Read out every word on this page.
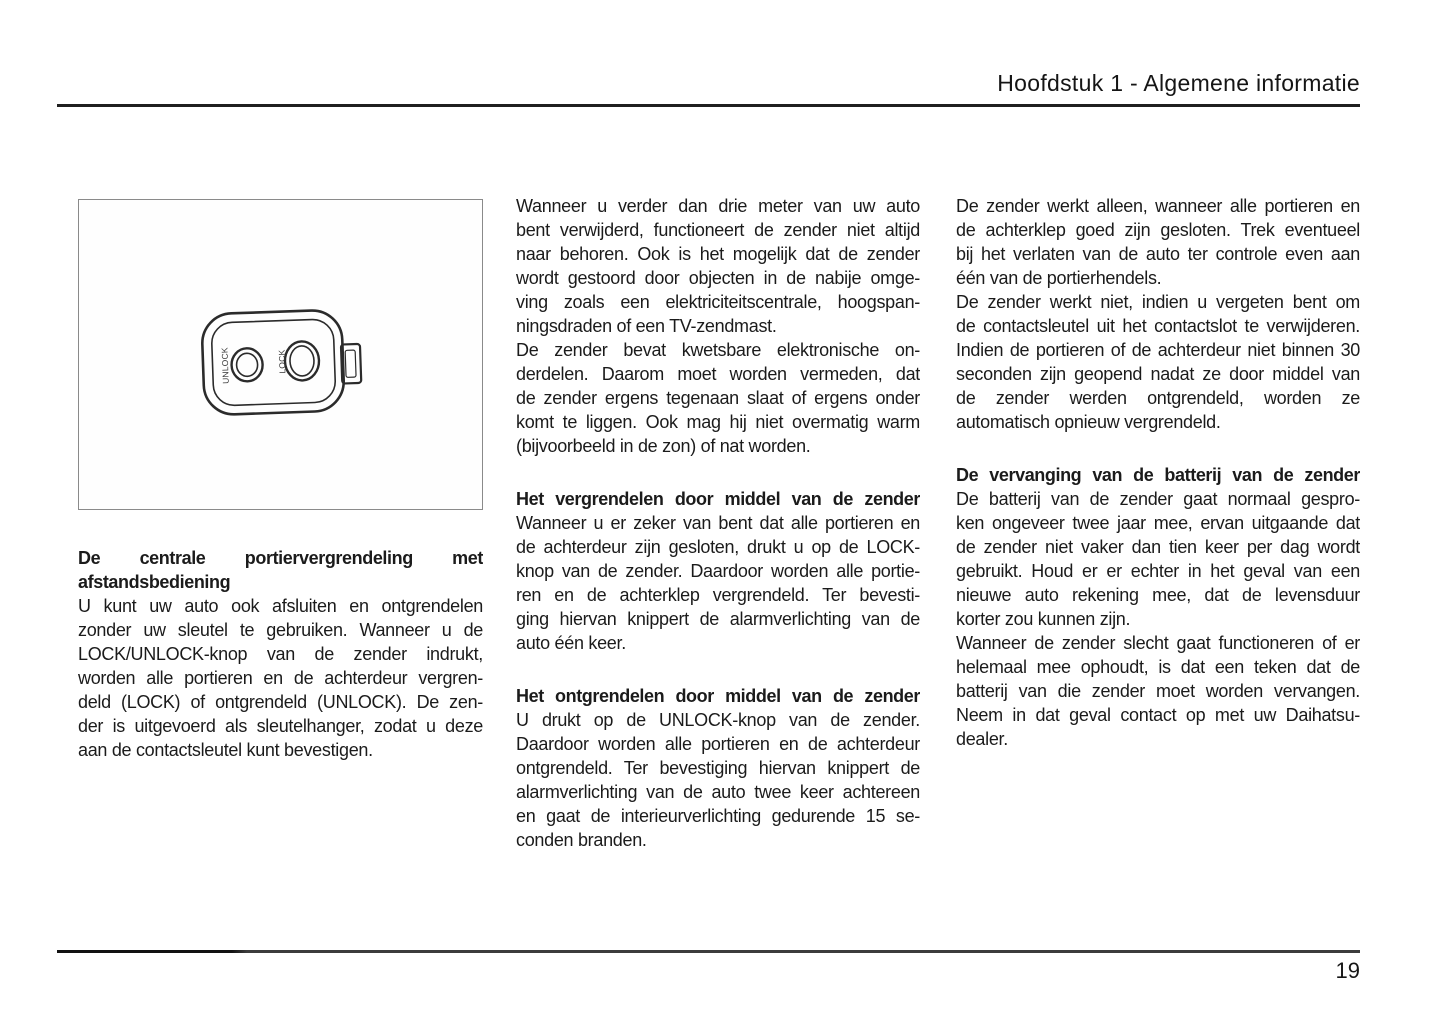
Hoofdstuk 1 - Algemene informatie
UNLOCK	LOCK
De centrale portiervergrendeling met
afstandsbediening
U kunt uw auto ook afsluiten en ontgrendelen
zonder uw sleutel te gebruiken. Wanneer u de
LOCK/UNLOCK-knop van de zender indrukt,
worden alle portieren en de achterdeur vergren-
deld (LOCK) of ontgrendeld (UNLOCK). De zen-
der is uitgevoerd als sleutelhanger, zodat u deze
aan de contactsleutel kunt bevestigen.
Wanneer u verder dan drie meter van uw auto
bent verwijderd, functioneert de zender niet altijd
naar behoren. Ook is het mogelijk dat de zender
wordt gestoord door objecten in de nabije omge-
ving zoals een elektriciteitscentrale, hoogspan-
ningsdraden of een TV-zendmast.
De zender bevat kwetsbare elektronische on-
derdelen. Daarom moet worden vermeden, dat
de zender ergens tegenaan slaat of ergens onder
komt te liggen. Ook mag hij niet overmatig warm
(bijvoorbeeld in de zon) of nat worden.
Het vergrendelen door middel van de zender
Wanneer u er zeker van bent dat alle portieren en
de achterdeur zijn gesloten, drukt u op de LOCK-
knop van de zender. Daardoor worden alle portie-
ren en de achterklep vergrendeld. Ter bevesti-
ging hiervan knippert de alarmverlichting van de
auto één keer.
Het ontgrendelen door middel van de zender
U drukt op de UNLOCK-knop van de zender.
Daardoor worden alle portieren en de achterdeur
ontgrendeld. Ter bevestiging hiervan knippert de
alarmverlichting van de auto twee keer achtereen
en gaat de interieurverlichting gedurende 15 se-
conden branden.
De zender werkt alleen, wanneer alle portieren en
de achterklep goed zijn gesloten. Trek eventueel
bij het verlaten van de auto ter controle even aan
één van de portierhendels.
De zender werkt niet, indien u vergeten bent om
de contactsleutel uit het contactslot te verwijderen.
Indien de portieren of de achterdeur niet binnen 30
seconden zijn geopend nadat ze door middel van
de zender werden ontgrendeld, worden ze
automatisch opnieuw vergrendeld.
De vervanging van de batterij van de zender
De batterij van de zender gaat normaal gespro-
ken ongeveer twee jaar mee, ervan uitgaande dat
de zender niet vaker dan tien keer per dag wordt
gebruikt. Houd er er echter in het geval van een
nieuwe auto rekening mee, dat de levensduur
korter zou kunnen zijn.
Wanneer de zender slecht gaat functioneren of er
helemaal mee ophoudt, is dat een teken dat de
batterij van die zender moet worden vervangen.
Neem in dat geval contact op met uw Daihatsu-
dealer.
19
